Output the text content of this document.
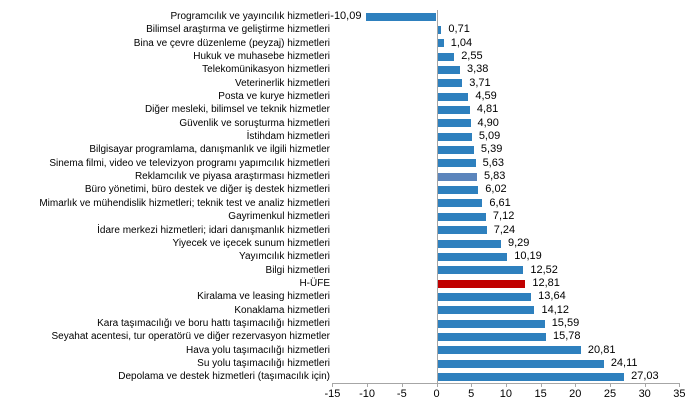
Programcılık ve yayıncılık hizmetleri -10,09
Bilimsel araştırma ve geliştirme hizmetleri	0,71
Bina ve çevre düzenleme (peyzaj) hizmetleri	1,04
Hukuk ve muhasebe hizmetleri	2,55
Telekomünikasyon hizmetleri	3,38
Veterinerlik hizmetleri	3,71
Posta ve kurye hizmetleri	4,59
Diğer mesleki, bilimsel ve teknik hizmetler	4,81
Güvenlik ve soruşturma hizmetleri	4,90
İstihdam hizmetleri	5,09
Bilgisayar programlama, danışmanlık ve ilgili hizmetler	5,39
Sinema filmi, video ve televizyon programı yapımcılık hizmetleri	5,63
Reklamcılık ve piyasa araştırması hizmetleri	5,83
Büro yönetimi, büro destek ve diğer iş destek hizmetleri	6,02
Mimarlık ve mühendislik hizmetleri; teknik test ve analiz hizmetleri	6,61
Gayrimenkul hizmetleri	7,12
İdare merkezi hizmetleri; idari danışmanlık hizmetleri	7,24
Yiyecek ve içecek sunum hizmetleri	9,29
Yayımcılık hizmetleri	10,19
Bilgi hizmetleri	12,52
H-ÜFE	12,81
Kiralama ve leasing hizmetleri	13,64
Konaklama hizmetleri	14,12
Kara taşımacılığı ve boru hattı taşımacılığı hizmetleri	15,59
Seyahat acentesi, tur operatörü ve diğer rezervasyon hizmetler	15,78
Hava yolu taşımacılığı hizmetleri	20,81
Su yolu taşımacılığı hizmetleri	24,11
Depolama ve destek hizmetleri (taşımacılık için)	27,03
-15	-10	-5	0	5	10	15	20	25	30	35
